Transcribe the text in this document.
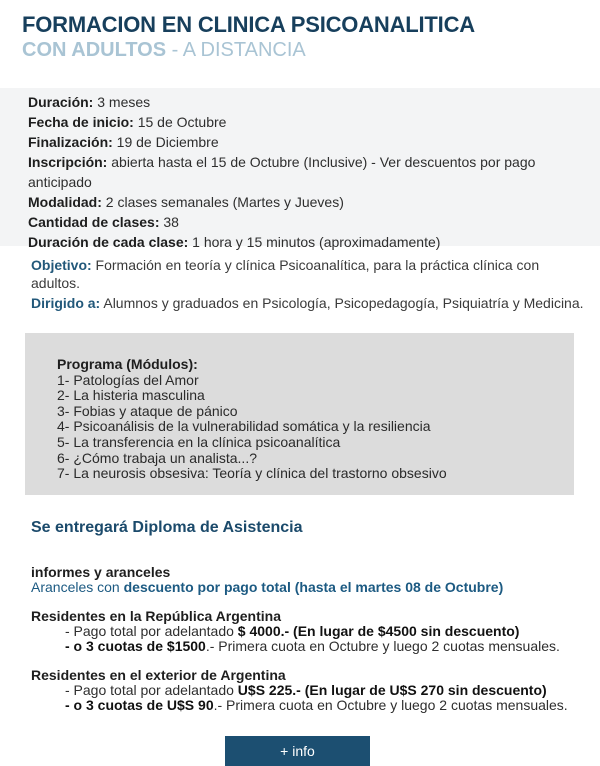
FORMACION EN CLINICA PSICOANALITICA
CON ADULTOS - A DISTANCIA
Duración: 3 meses
Fecha de inicio: 15 de Octubre
Finalización: 19 de Diciembre
Inscripción: abierta hasta el 15 de Octubre (Inclusive) - Ver descuentos por pago anticipado
Modalidad: 2 clases semanales (Martes y Jueves)
Cantidad de clases: 38
Duración de cada clase: 1 hora y 15 minutos (aproximadamente)
Objetivo: Formación en teoría y clínica Psicoanalítica, para la práctica clínica con adultos.
Dirigido a: Alumnos y graduados en Psicología, Psicopedagogía, Psiquiatría y Medicina.
Programa (Módulos):
1- Patologías del Amor
2- La histeria masculina
3- Fobias y ataque de pánico
4- Psicoanálisis de la vulnerabilidad somática y la resiliencia
5- La transferencia en la clínica psicoanalítica
6- ¿Cómo trabaja un analista...?
7- La neurosis obsesiva: Teoría y clínica del trastorno obsesivo
Se entregará Diploma de Asistencia
informes y aranceles
Aranceles con descuento por pago total (hasta el martes 08 de Octubre)
Residentes en la República Argentina
- Pago total por adelantado $ 4000.- (En lugar de $4500 sin descuento)
- o 3 cuotas de $1500.- Primera cuota en Octubre y luego 2 cuotas mensuales.
Residentes en el exterior de Argentina
- Pago total por adelantado U$S 225.- (En lugar de U$S 270 sin descuento)
- o 3 cuotas de U$S 90.- Primera cuota en Octubre y luego 2 cuotas mensuales.
+ info
